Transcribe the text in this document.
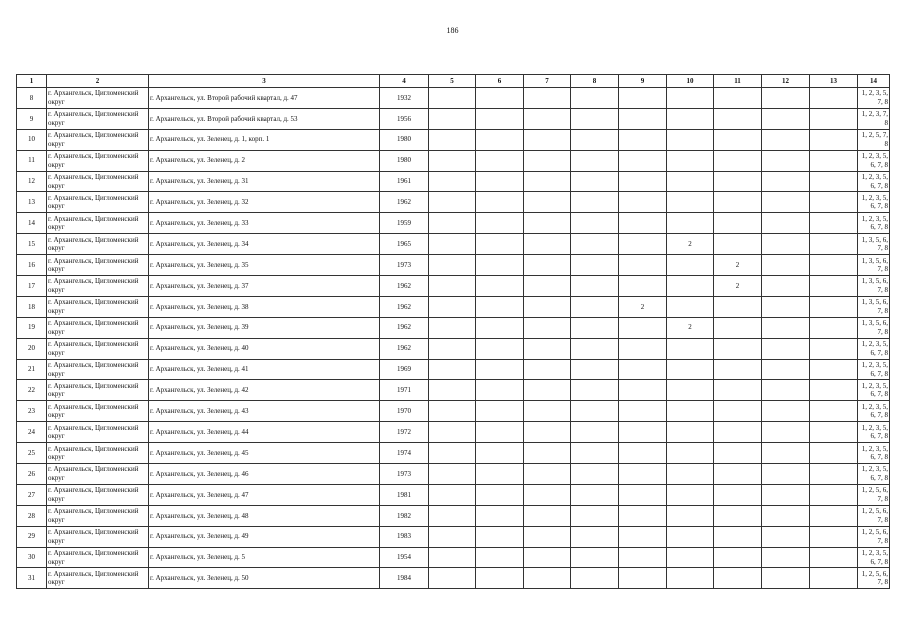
186
1	2	3	4	5	6	7	8	9	10	11	12	13	14
8	г. Архангельск, Цигломенский округ	г. Архангельск, ул. Второй рабочий квартал, д. 47	1932										1, 2, 3, 5, 7, 8
9	г. Архангельск, Цигломенский округ	г. Архангельск, ул. Второй рабочий квартал, д. 53	1956										1, 2, 3, 7, 8
10	г. Архангельск, Цигломенский округ	г. Архангельск, ул. Зеленец, д. 1, корп. 1	1980										1, 2, 5, 7, 8
11	г. Архангельск, Цигломенский округ	г. Архангельск, ул. Зеленец, д. 2	1980										1, 2, 3, 5, 6, 7, 8
12	г. Архангельск, Цигломенский округ	г. Архангельск, ул. Зеленец, д. 31	1961										1, 2, 3, 5, 6, 7, 8
13	г. Архангельск, Цигломенский округ	г. Архангельск, ул. Зеленец, д. 32	1962										1, 2, 3, 5, 6, 7, 8
14	г. Архангельск, Цигломенский округ	г. Архангельск, ул. Зеленец, д. 33	1959										1, 2, 3, 5, 6, 7, 8
15	г. Архангельск, Цигломенский округ	г. Архангельск, ул. Зеленец, д. 34	1965						2				1, 3, 5, 6, 7, 8
16	г. Архангельск, Цигломенский округ	г. Архангельск, ул. Зеленец, д. 35	1973							2			1, 3, 5, 6, 7, 8
17	г. Архангельск, Цигломенский округ	г. Архангельск, ул. Зеленец, д. 37	1962							2			1, 3, 5, 6, 7, 8
18	г. Архангельск, Цигломенский округ	г. Архангельск, ул. Зеленец, д. 38	1962					2					1, 3, 5, 6, 7, 8
19	г. Архангельск, Цигломенский округ	г. Архангельск, ул. Зеленец, д. 39	1962						2				1, 3, 5, 6, 7, 8
20	г. Архангельск, Цигломенский округ	г. Архангельск, ул. Зеленец, д. 40	1962										1, 2, 3, 5, 6, 7, 8
21	г. Архангельск, Цигломенский округ	г. Архангельск, ул. Зеленец, д. 41	1969										1, 2, 3, 5, 6, 7, 8
22	г. Архангельск, Цигломенский округ	г. Архангельск, ул. Зеленец, д. 42	1971										1, 2, 3, 5, 6, 7, 8
23	г. Архангельск, Цигломенский округ	г. Архангельск, ул. Зеленец, д. 43	1970										1, 2, 3, 5, 6, 7, 8
24	г. Архангельск, Цигломенский округ	г. Архангельск, ул. Зеленец, д. 44	1972										1, 2, 3, 5, 6, 7, 8
25	г. Архангельск, Цигломенский округ	г. Архангельск, ул. Зеленец, д. 45	1974										1, 2, 3, 5, 6, 7, 8
26	г. Архангельск, Цигломенский округ	г. Архангельск, ул. Зеленец, д. 46	1973										1, 2, 3, 5, 6, 7, 8
27	г. Архангельск, Цигломенский округ	г. Архангельск, ул. Зеленец, д. 47	1981										1, 2, 5, 6, 7, 8
28	г. Архангельск, Цигломенский округ	г. Архангельск, ул. Зеленец, д. 48	1982										1, 2, 5, 6, 7, 8
29	г. Архангельск, Цигломенский округ	г. Архангельск, ул. Зеленец, д. 49	1983										1, 2, 5, 6, 7, 8
30	г. Архангельск, Цигломенский округ	г. Архангельск, ул. Зеленец, д. 5	1954										1, 2, 3, 5, 6, 7, 8
31	г. Архангельск, Цигломенский округ	г. Архангельск, ул. Зеленец, д. 50	1984										1, 2, 5, 6, 7, 8
